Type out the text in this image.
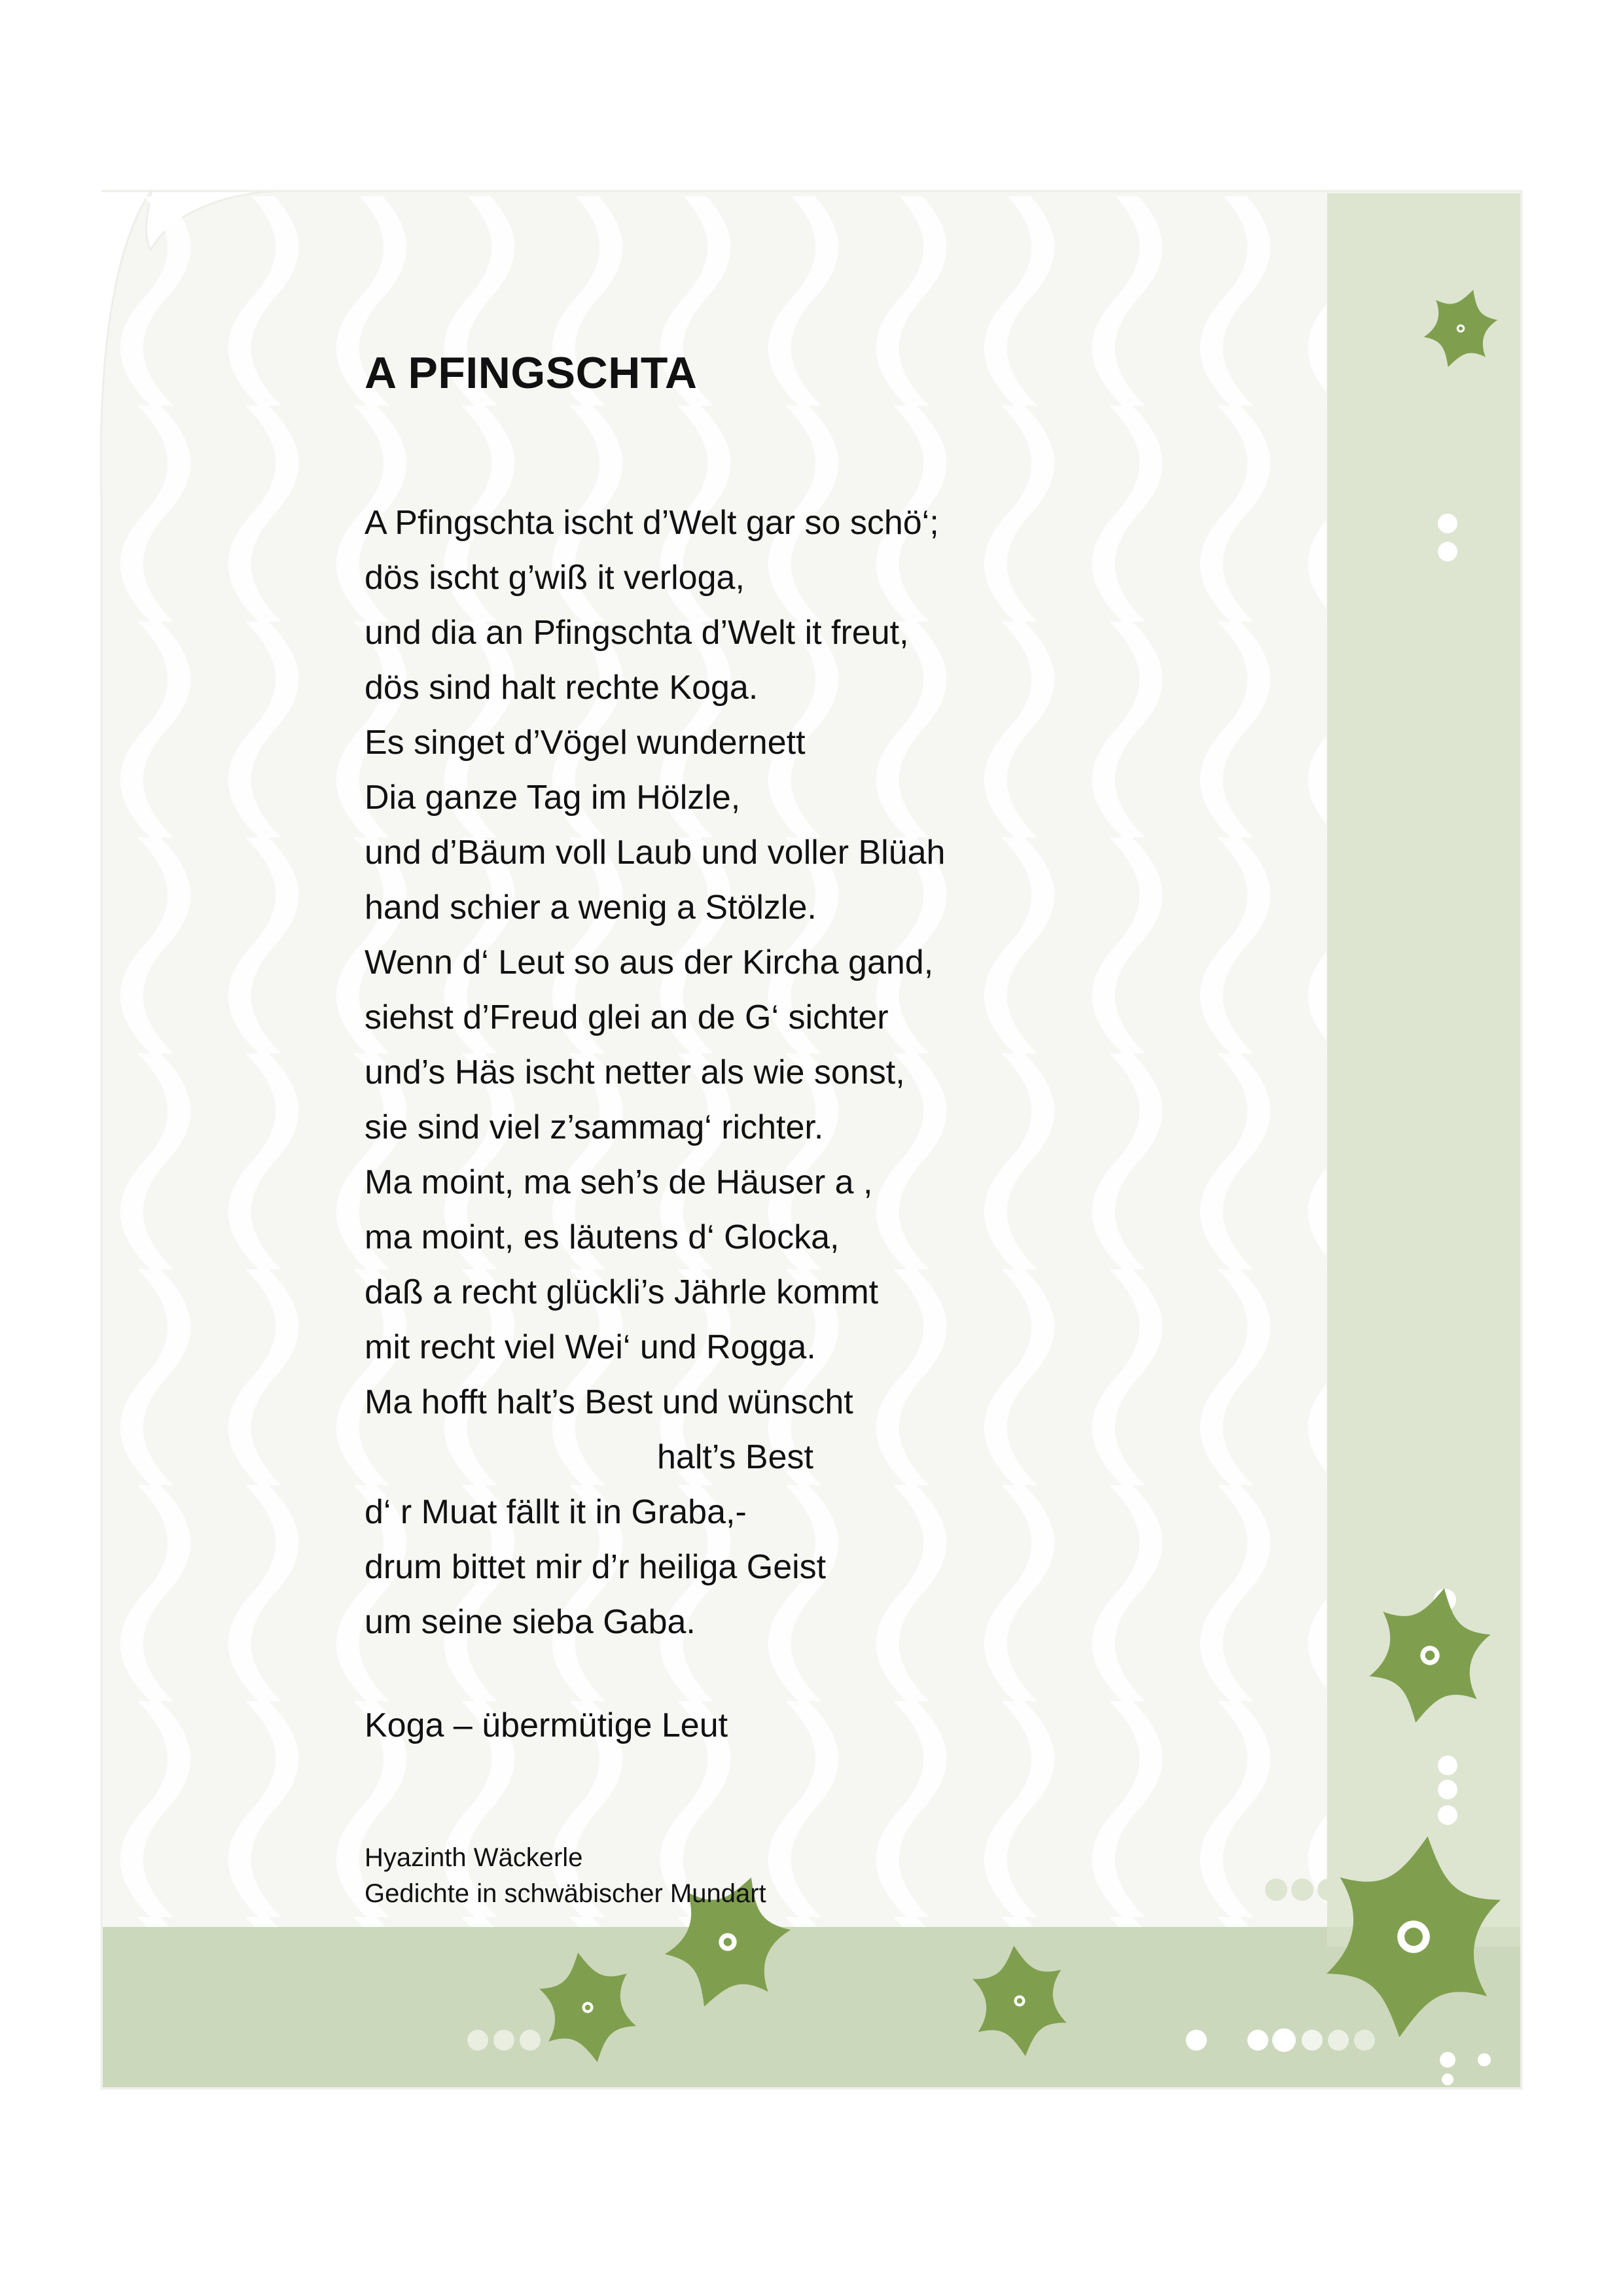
A PFINGSCHTA
A Pfingschta ischt d’Welt gar so schö‘;
dös ischt g’wiß it verloga,
und dia an Pfingschta d’Welt it freut,
dös sind halt rechte Koga.
Es singet d’Vögel wundernett
Dia ganze Tag im Hölzle,
und d’Bäum voll Laub und voller Blüah
hand schier a wenig a Stölzle.
Wenn d‘ Leut so aus der Kircha gand,
siehst d’Freud glei an de G‘ sichter
und’s Häs ischt netter als wie sonst,
sie sind viel z’sammag‘ richter.
Ma moint, ma seh’s de Häuser a ,
ma moint, es läutens d‘ Glocka,
daß a recht glückli’s Jährle kommt
mit recht viel Wei‘ und Rogga.
Ma hofft halt’s Best und wünscht
halt’s Best
d‘ r Muat fällt it in Graba,-
drum bittet mir d’r heiliga Geist
um seine sieba Gaba.
Koga – übermütige Leut
Hyazinth Wäckerle
Gedichte in schwäbischer Mundart
